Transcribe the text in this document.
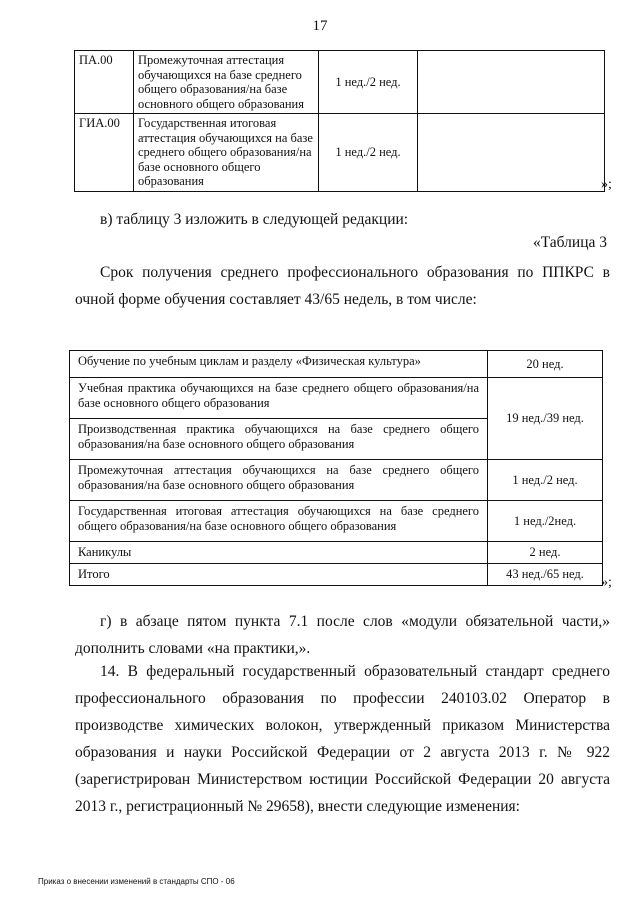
17
ПА.00	Промежуточная аттестация обучающихся на базе среднего общего образования/на базе основного общего образования	1 нед./2 нед.	
ГИА.00	Государственная итоговая аттестация обучающихся на базе среднего общего образования/на базе основного общего образования	1 нед./2 нед.	
»;
в) таблицу 3 изложить в следующей редакции:
«Таблица 3
Срок получения среднего профессионального образования по ППКРС в очной форме обучения составляет 43/65 недель, в том числе:
Обучение по учебным циклам и разделу «Физическая культура»	20 нед.
Учебная практика обучающихся на базе среднего общего образования/на базе основного общего образования	19 нед./39 нед.
Производственная практика обучающихся на базе среднего общего образования/на базе основного общего образования	
Промежуточная аттестация обучающихся на базе среднего общего образования/на базе основного общего образования	1 нед./2 нед.
Государственная итоговая аттестация обучающихся на базе среднего общего образования/на базе основного общего образования	1 нед./2нед.
Каникулы	2 нед.
Итого	43 нед./65 нед.
»;
г) в абзаце пятом пункта 7.1 после слов «модули обязательной части,» дополнить словами «на практики,».
14. В федеральный государственный образовательный стандарт среднего профессионального образования по профессии 240103.02 Оператор в производстве химических волокон, утвержденный приказом Министерства образования и науки Российской Федерации от 2 августа 2013 г. № 922 (зарегистрирован Министерством юстиции Российской Федерации 20 августа 2013 г., регистрационный № 29658), внести следующие изменения:
Приказ о внесении изменений в стандарты СПО - 06
